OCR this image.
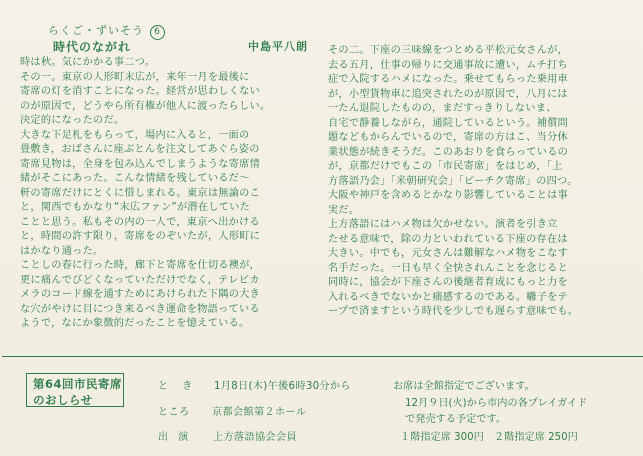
らくご・ずいそう 6
時代のながれ	中島平八朗
時は秋。気にかかる事二つ。
その一。東京の人形町末広が，来年一月を最後に
寄席の灯を消すことになった。経営が思わしくない
のが原因で，どうやら所有権が他人に渡ったらしい。
決定的になったのだ。
大きな下足札をもらって，場内に入ると，一面の
畳敷き，おばさんに座ぶとんを注文してあぐら姿の
寄席見物は，全身を包み込んでしまうような寄席情
緒がそこにあった。こんな情緒を残しているだ〜
軒の寄席だけにとくに惜しまれる。東京は無論のこ
と，関西でもかなり“末広ファン”が潜在していた
ことと思う。私もその内の一人で，東京へ出かける
と，時間の許す限り，寄席をのぞいたが，人形町に
はかなり通った。
ことしの春に行った時，廊下と寄席を仕切る襖が，
更に痛んでびどくなっていただけでなく，テレビカ
メラのコード線を通すためにあけられた下隅の大き
な穴がやけに目につき来るべき運命を物語っている
ようで，なにか象徴的だったことを憶えている。
その二。下座の三味線をつとめる平松元女さんが，
去る五月，仕事の帰りに交通事故に遭い，ムチ打ち
症で入院するハメになった。乗せてもらった乗用車
が，小型貨物車に追突されたのが原因で，八月には
一たん退院したものの，まだすっきりしないま、
自宅で静養しながら，通院しているという。補償問
題などもからんでいるので，寄席の方はこ、当分休
業状態が続きそうだ。このあおりを食らっているの
が，京都だけでもこの「市民寄席」をはじめ，「上
方落語乃会」「米朝研究会」「ピーチク寄席」の四つ。
大阪や神戸を含めるとかなり影響していることは事
実だ。
上方落語にはハメ物は欠かせない。演者を引き立
たせる意味で，除の力といわれている下座の存在は
大きい。中でも，元女さんは難解なハメ物をこなす
名手だった。一日も早く全快されんことを念じると
同時に，協会が下座さんの後継者育成にもっと力を
入れるべきでないかと痛感するのである。囃子をテ
ープで済ますという時代を少しでも遅らす意味でも。
第64回市民寄席
のおしらせ
とき 1月8日(木)午後6時30分から
ところ 京都会館第２ホール
出演 上方落語協会会員
お席は全館指定でございます。
12月９日(火)から市内の各プレイガイド
で発売する予定です。
１階指定席 300円　２階指定席 250円
